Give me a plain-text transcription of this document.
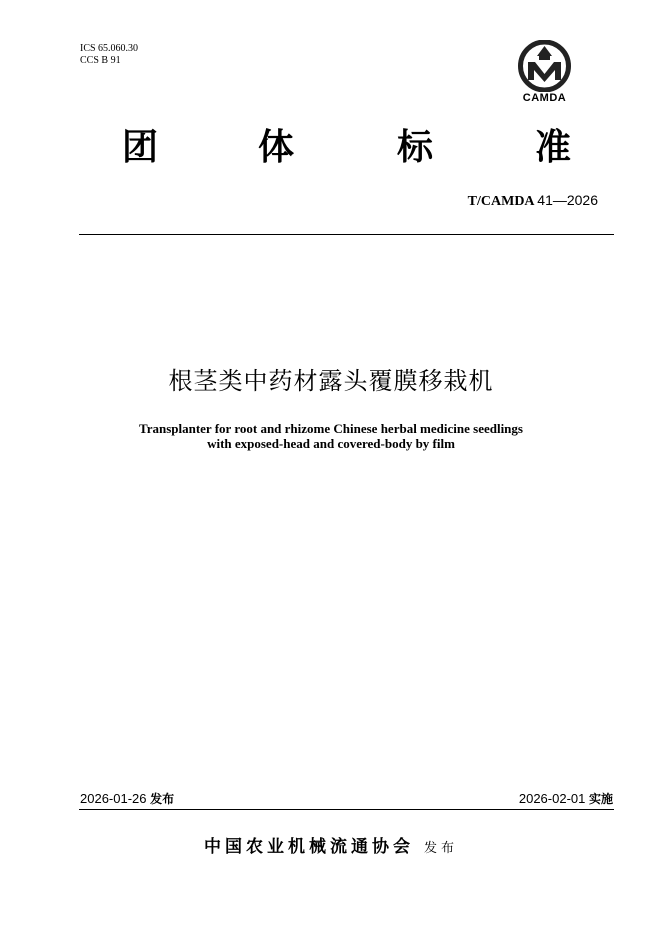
ICS 65.060.30
CCS B 91
CAMDA
团	体	标	准
T/CAMDA 41—2026
根茎类中药材露头覆膜移栽机
Transplanter for root and rhizome Chinese herbal medicine seedlings
with exposed-head and covered-body by film
2026-01-26 发布	2026-02-01 实施
中国农业机械流通协会 发布
